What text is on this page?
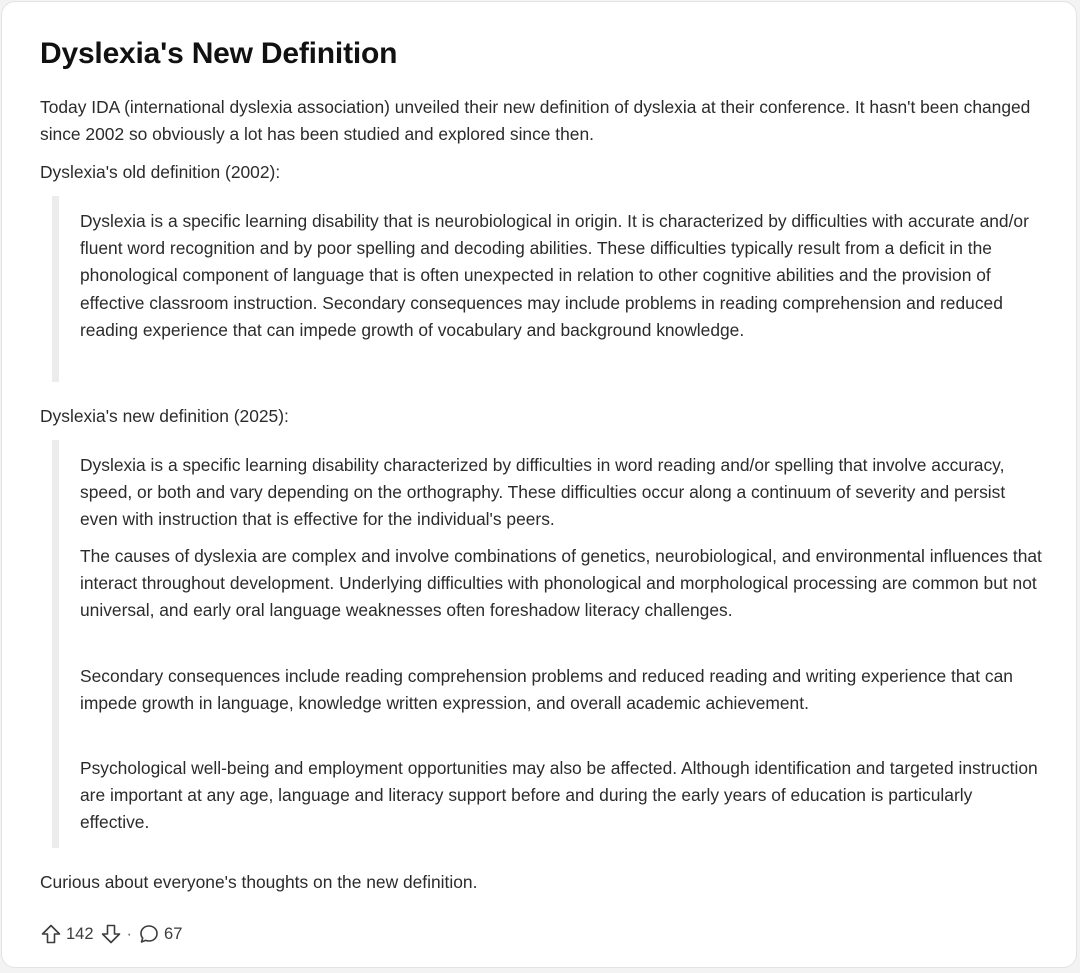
Dyslexia's New Definition

Today IDA (international dyslexia association) unveiled their new definition of dyslexia at their conference. It hasn't been changed since 2002 so obviously a lot has been studied and explored since then.

Dyslexia's old definition (2002):

Dyslexia is a specific learning disability that is neurobiological in origin. It is characterized by difficulties with accurate and/or fluent word recognition and by poor spelling and decoding abilities. These difficulties typically result from a deficit in the phonological component of language that is often unexpected in relation to other cognitive abilities and the provision of effective classroom instruction. Secondary consequences may include problems in reading comprehension and reduced reading experience that can impede growth of vocabulary and background knowledge.

Dyslexia's new definition (2025):

Dyslexia is a specific learning disability characterized by difficulties in word reading and/or spelling that involve accuracy, speed, or both and vary depending on the orthography. These difficulties occur along a continuum of severity and persist even with instruction that is effective for the individual's peers.

The causes of dyslexia are complex and involve combinations of genetics, neurobiological, and environmental influences that interact throughout development. Underlying difficulties with phonological and morphological processing are common but not universal, and early oral language weaknesses often foreshadow literacy challenges.

Secondary consequences include reading comprehension problems and reduced reading and writing experience that can impede growth in language, knowledge written expression, and overall academic achievement.

Psychological well-being and employment opportunities may also be affected. Although identification and targeted instruction are important at any age, language and literacy support before and during the early years of education is particularly effective.

Curious about everyone's thoughts on the new definition.

142 · 67
